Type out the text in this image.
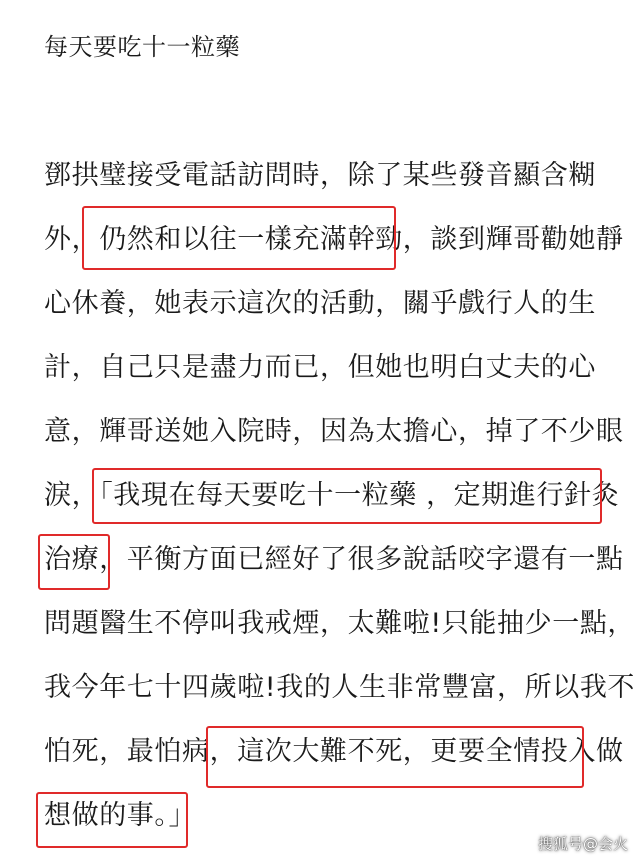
每天要吃十一粒藥
鄧拱璧接受電話訪問時，除了某些發音顯含糊
外，仍然和以往一樣充滿幹勁，談到輝哥勸她靜
心休養，她表示這次的活動，關乎戲行人的生
計，自己只是盡力而已，但她也明白丈夫的心
意，輝哥送她入院時，因為太擔心，掉了不少眼
淚，「我現在每天要吃十一粒藥 ，定期進行針灸
治療，平衡方面已經好了很多說話咬字還有一點
問題醫生不停叫我戒煙，太難啦!只能抽少一點，
我今年七十四歲啦!我的人生非常豐富，所以我不
怕死，最怕病，這次大難不死，更要全情投入做
想做的事。」
搜狐号@会火
